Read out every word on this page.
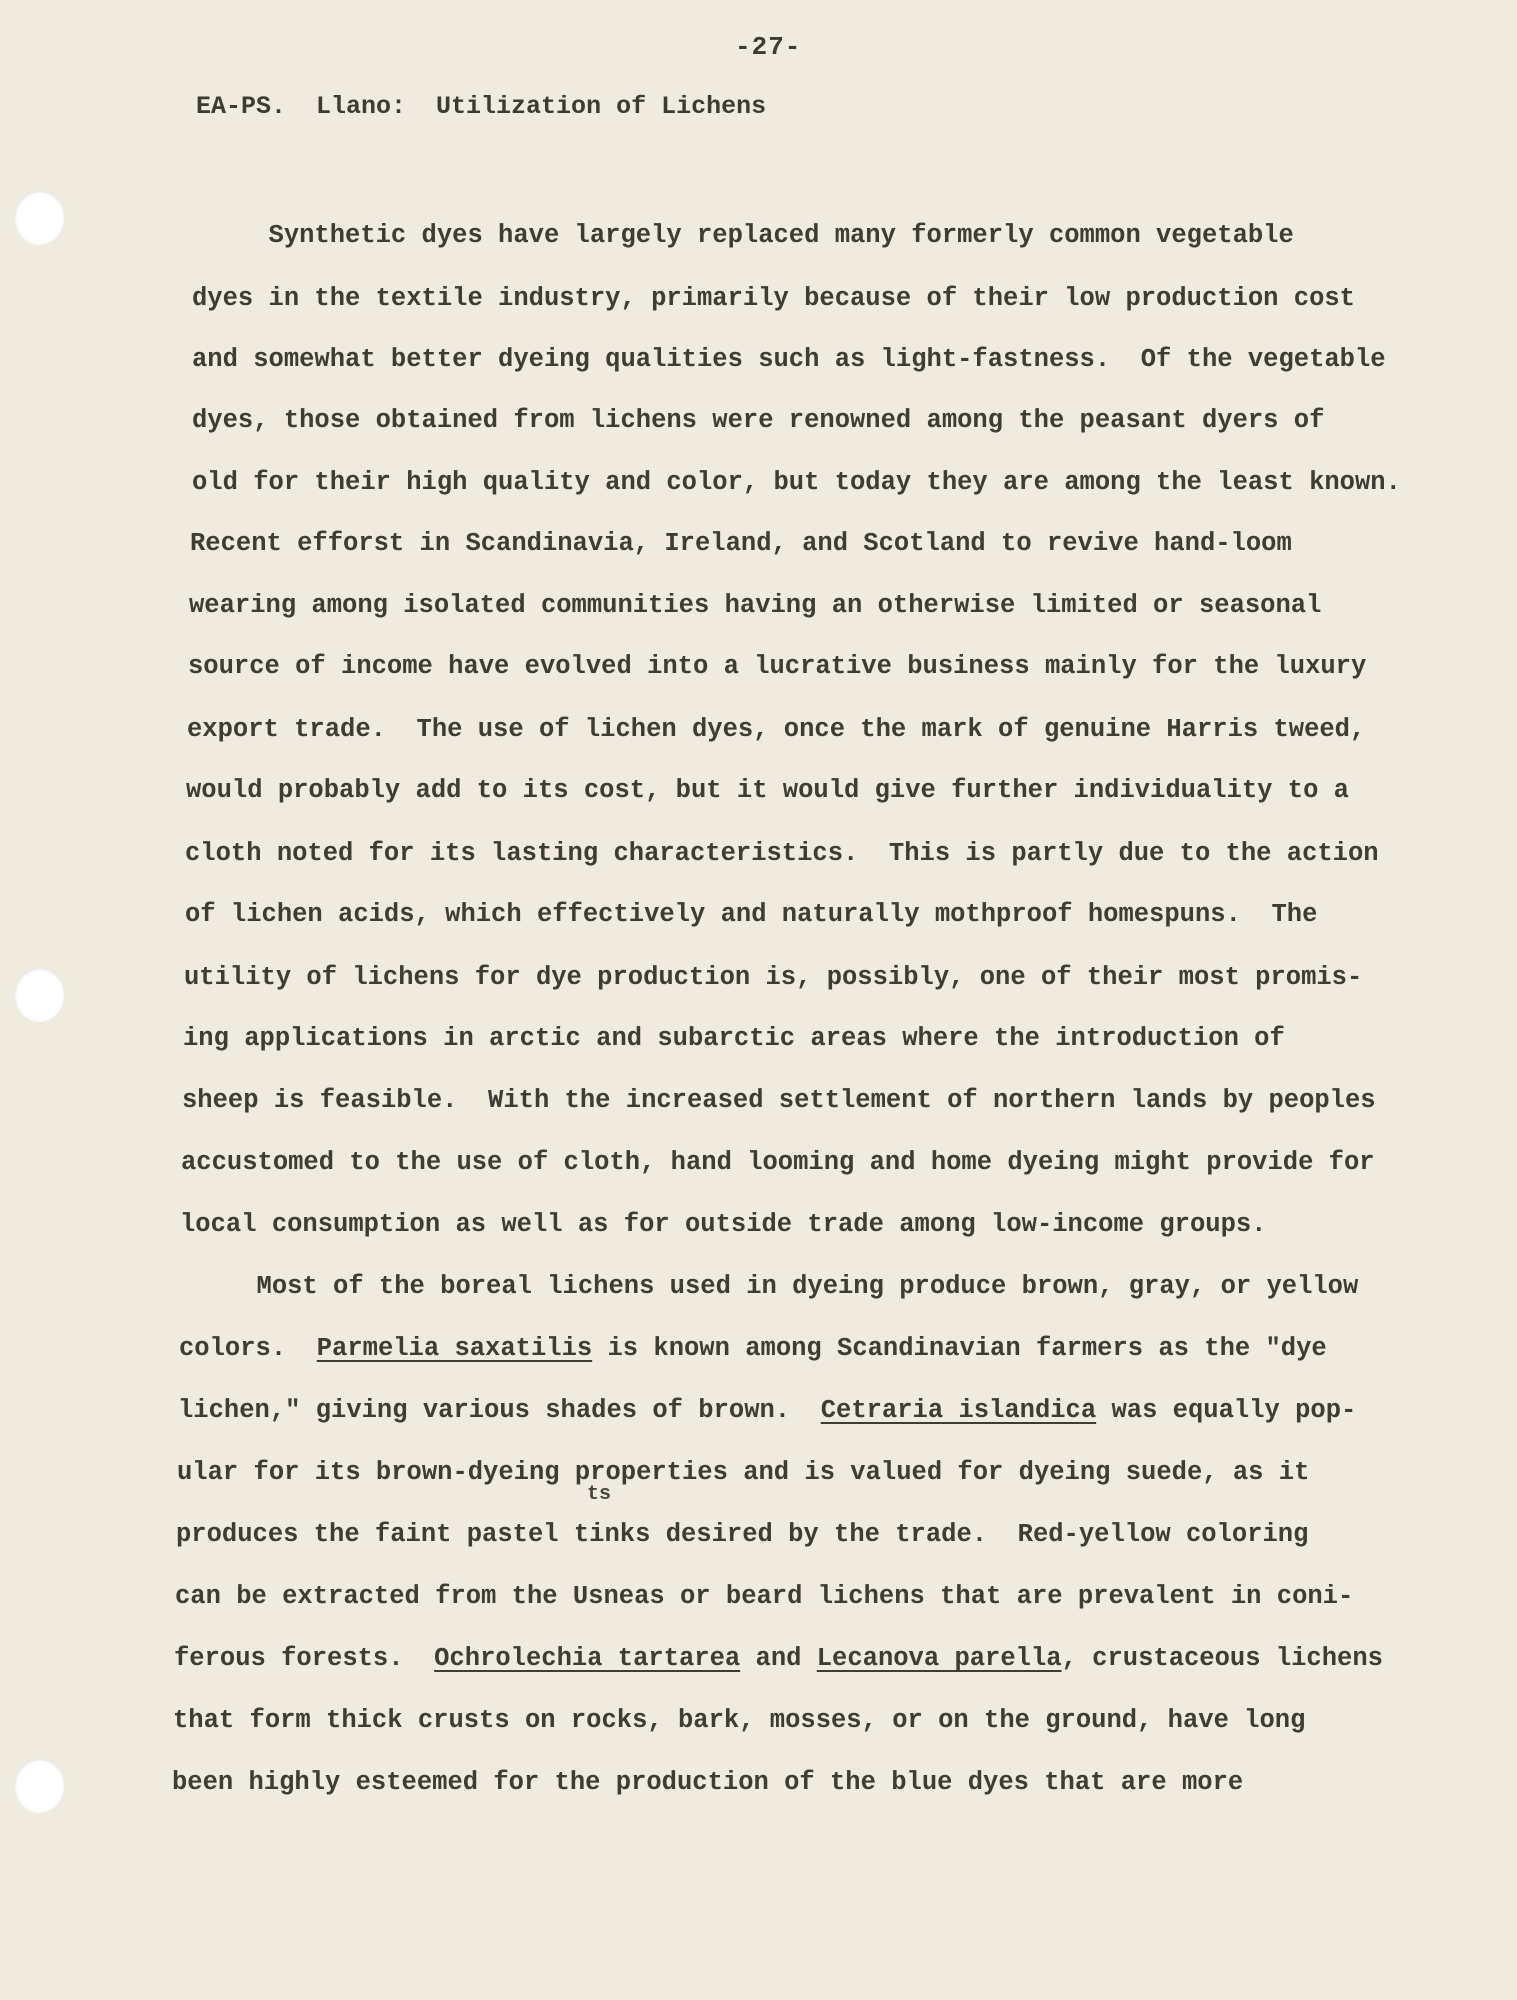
-27-
EA-PS.  Llano:  Utilization of Lichens
Synthetic dyes have largely replaced many formerly common vegetable
dyes in the textile industry, primarily because of their low production cost
and somewhat better dyeing qualities such as light-fastness.  Of the vegetable
dyes, those obtained from lichens were renowned among the peasant dyers of
old for their high quality and color, but today they are among the least known.
Recent efforst in Scandinavia, Ireland, and Scotland to revive hand-loom
wearing among isolated communities having an otherwise limited or seasonal
source of income have evolved into a lucrative business mainly for the luxury
export trade.  The use of lichen dyes, once the mark of genuine Harris tweed,
would probably add to its cost, but it would give further individuality to a
cloth noted for its lasting characteristics.  This is partly due to the action
of lichen acids, which effectively and naturally mothproof homespuns.  The
utility of lichens for dye production is, possibly, one of their most promis-
ing applications in arctic and subarctic areas where the introduction of
sheep is feasible.  With the increased settlement of northern lands by peoples
accustomed to the use of cloth, hand looming and home dyeing might provide for
local consumption as well as for outside trade among low-income groups.
Most of the boreal lichens used in dyeing produce brown, gray, or yellow
colors.  Parmelia saxatilis is known among Scandinavian farmers as the "dye
lichen," giving various shades of brown.  Cetraria islandica was equally pop-
ular for its brown-dyeing properties and is valued for dyeing suede, as it
produces the faint pastel tinks desired by the trade.  Red-yellow coloring
can be extracted from the Usneas or beard lichens that are prevalent in coni-
ferous forests.  Ochrolechia tartarea and Lecanova parella, crustaceous lichens
that form thick crusts on rocks, bark, mosses, or on the ground, have long
been highly esteemed for the production of the blue dyes that are more
ts
